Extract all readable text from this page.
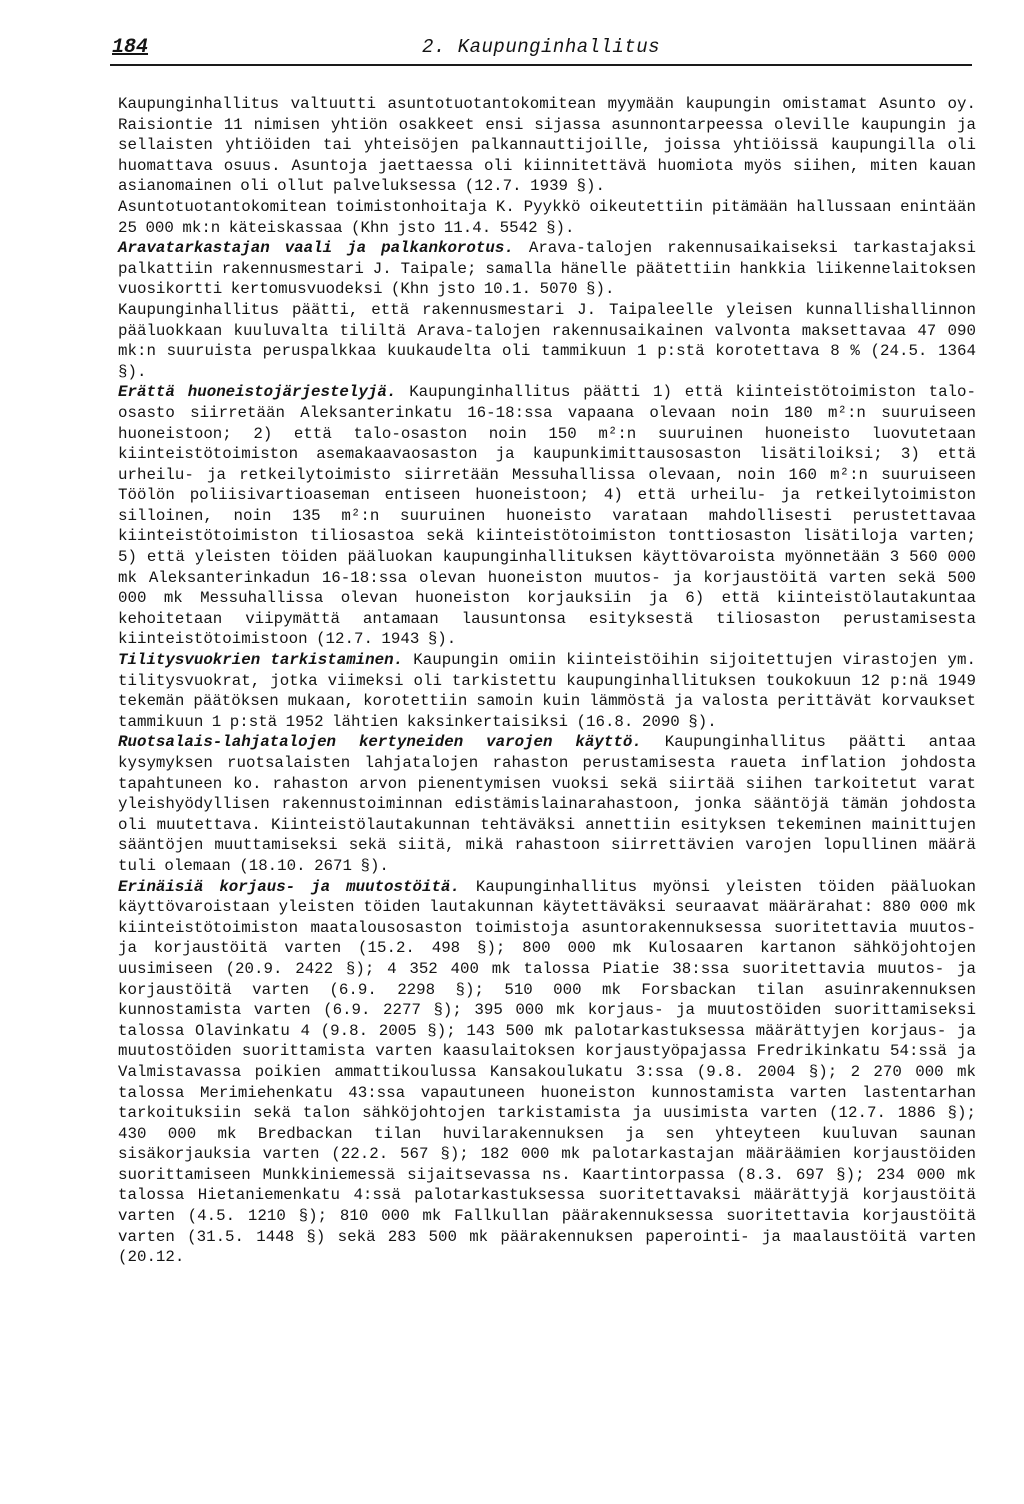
184	2. Kaupunginhallitus

Kaupunginhallitus valtuutti asuntotuotantokomitean myymään kaupungin omistamat Asunto oy. Raisiontie 11 nimisen yhtiön osakkeet ensi sijassa asunnontarpeessa oleville kaupungin ja sellaisten yhtiöiden tai yhteisöjen palkannauttijoille, joissa yhtiöissä kaupungilla oli huomattava osuus. Asuntoja jaettaessa oli kiinnitettävä huomiota myös siihen, miten kauan asianomainen oli ollut palveluksessa (12.7. 1939 §).

Asuntotuotantokomitean toimistonhoitaja K. Pyykkö oikeutettiin pitämään hallussaan enintään 25 000 mk:n käteiskassaa (Khn jsto 11.4. 5542 §).

Aravatarkastajan vaali ja palkankorotus. Arava-talojen rakennusaikaiseksi tarkastajaksi palkattiin rakennusmestari J. Taipale; samalla hänelle päätettiin hankkia liikennelaitoksen vuosikortti kertomusvuodeksi (Khn jsto 10.1. 5070 §).

Kaupunginhallitus päätti, että rakennusmestari J. Taipaleelle yleisen kunnallishallinnon pääluokkaan kuuluvalta tililtä Arava-talojen rakennusaikainen valvonta maksettavaa 47 090 mk:n suuruista peruspalkkaa kuukaudelta oli tammikuun 1 p:stä korotettava 8 % (24.5. 1364 §).

Erättä huoneistojärjestelyjä. Kaupunginhallitus päätti 1) että kiinteistötoimiston talo-osasto siirretään Aleksanterinkatu 16-18:ssa vapaana olevaan noin 180 m²:n suuruiseen huoneistoon; 2) että talo-osaston noin 150 m²:n suuruinen huoneisto luovutetaan kiinteistötoimiston asemakaavaosaston ja kaupunkimittausosaston lisätiloiksi; 3) että urheilu- ja retkeilytoimisto siirretään Messuhallissa olevaan, noin 160 m²:n suuruiseen Töölön poliisivartioaseman entiseen huoneistoon; 4) että urheilu- ja retkeilytoimiston silloinen, noin 135 m²:n suuruinen huoneisto varataan mahdollisesti perustettavaa kiinteistötoimiston tiliosastoa sekä kiinteistötoimiston tonttiosaston lisätiloja varten; 5) että yleisten töiden pääluokan kaupunginhallituksen käyttövaroista myönnetään 3 560 000 mk Aleksanterinkadun 16-18:ssa olevan huoneiston muutos- ja korjaustöitä varten sekä 500 000 mk Messuhallissa olevan huoneiston korjauksiin ja 6) että kiinteistölautakuntaa kehoitetaan viipymättä antamaan lausuntonsa esityksestä tiliosaston perustamisesta kiinteistötoimistoon (12.7. 1943 §).

Tilitysvuokrien tarkistaminen. Kaupungin omiin kiinteistöihin sijoitettujen virastojen ym. tilitysvuokrat, jotka viimeksi oli tarkistettu kaupunginhallituksen toukokuun 12 p:nä 1949 tekemän päätöksen mukaan, korotettiin samoin kuin lämmöstä ja valosta perittävät korvaukset tammikuun 1 p:stä 1952 lähtien kaksinkertaisiksi (16.8. 2090 §).

Ruotsalais-lahjatalojen kertyneiden varojen käyttö. Kaupunginhallitus päätti antaa kysymyksen ruotsalaisten lahjatalojen rahaston perustamisesta raueta inflation johdosta tapahtuneen ko. rahaston arvon pienentymisen vuoksi sekä siirtää siihen tarkoitetut varat yleishyödyllisen rakennustoiminnan edistämislainarahastoon, jonka sääntöjä tämän johdosta oli muutettava. Kiinteistölautakunnan tehtäväksi annettiin esityksen tekeminen mainittujen sääntöjen muuttamiseksi sekä siitä, mikä rahastoon siirrettävien varojen lopullinen määrä tuli olemaan (18.10. 2671 §).

Erinäisiä korjaus- ja muutostöitä. Kaupunginhallitus myönsi yleisten töiden pääluokan käyttövaroistaan yleisten töiden lautakunnan käytettäväksi seuraavat määrärahat: 880 000 mk kiinteistötoimiston maatalousosaston toimistoja asuntorakennuksessa suoritettavia muutos- ja korjaustöitä varten (15.2. 498 §); 800 000 mk Kulosaaren kartanon sähköjohtojen uusimiseen (20.9. 2422 §); 4 352 400 mk talossa Piatie 38:ssa suoritettavia muutos- ja korjaustöitä varten (6.9. 2298 §); 510 000 mk Forsbackan tilan asuinrakennuksen kunnostamista varten (6.9. 2277 §); 395 000 mk korjaus- ja muutostöiden suorittamiseksi talossa Olavinkatu 4 (9.8. 2005 §); 143 500 mk palotarkastuksessa määrättyjen korjaus- ja muutostöiden suorittamista varten kaasulaitoksen korjaustyöpajassa Fredrikinkatu 54:ssä ja Valmistavassa poikien ammattikoulussa Kansakoulukatu 3:ssa (9.8. 2004 §); 2 270 000 mk talossa Merimiehenkatu 43:ssa vapautuneen huoneiston kunnostamista varten lastentarhan tarkoituksiin sekä talon sähköjohtojen tarkistamista ja uusimista varten (12.7. 1886 §); 430 000 mk Bredbackan tilan huvilarakennuksen ja sen yhteyteen kuuluvan saunan sisäkorjauksia varten (22.2. 567 §); 182 000 mk palotarkastajan määräämien korjaustöiden suorittamiseen Munkkiniemessä sijaitsevassa ns. Kaartintorpassa (8.3. 697 §); 234 000 mk talossa Hietaniemenkatu 4:ssä palotarkastuksessa suoritettavaksi määrättyjä korjaustöitä varten (4.5. 1210 §); 810 000 mk Fallkullan päärakennuksessa suoritettavia korjaustöitä varten (31.5. 1448 §) sekä 283 500 mk päärakennuksen paperointi- ja maalaustöitä varten (20.12.
